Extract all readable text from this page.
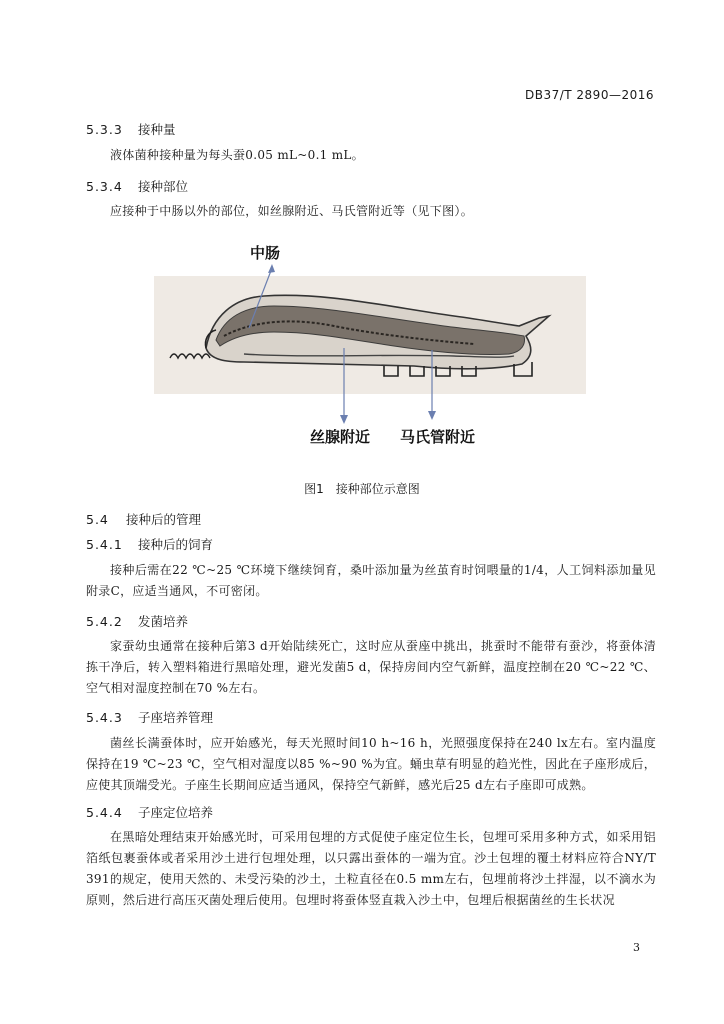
DB37/T 2890—2016
5.3.3 接种量
液体菌种接种量为每头蚕0.05 mL~0.1 mL。
5.3.4 接种部位
应接种于中肠以外的部位，如丝腺附近、马氏管附近等（见下图）。
中肠
丝腺附近 马氏管附近
图1　接种部位示意图
5.4 接种后的管理
5.4.1 接种后的饲育
接种后需在22 ℃~25 ℃环境下继续饲育，桑叶添加量为丝茧育时饲喂量的1/4，人工饲料添加量见附录C，应适当通风，不可密闭。
5.4.2 发菌培养
家蚕幼虫通常在接种后第3 d开始陆续死亡，这时应从蚕座中挑出，挑蚕时不能带有蚕沙，将蚕体清拣干净后，转入塑料箱进行黑暗处理，避光发菌5 d，保持房间内空气新鲜，温度控制在20 ℃~22 ℃、空气相对湿度控制在70 %左右。
5.4.3 子座培养管理
菌丝长满蚕体时，应开始感光，每天光照时间10 h~16 h，光照强度保持在240 lx左右。室内温度保持在19 ℃~23 ℃，空气相对湿度以85 %~90 %为宜。蛹虫草有明显的趋光性，因此在子座形成后，应使其顶端受光。子座生长期间应适当通风，保持空气新鲜，感光后25 d左右子座即可成熟。
5.4.4 子座定位培养
在黑暗处理结束开始感光时，可采用包埋的方式促使子座定位生长，包埋可采用多种方式，如采用铝箔纸包裹蚕体或者采用沙土进行包埋处理，以只露出蚕体的一端为宜。沙土包埋的覆土材料应符合NY/T 391的规定，使用天然的、未受污染的沙土，土粒直径在0.5 mm左右，包埋前将沙土拌湿，以不滴水为原则，然后进行高压灭菌处理后使用。包埋时将蚕体竖直栽入沙土中，包埋后根据菌丝的生长状况
3
